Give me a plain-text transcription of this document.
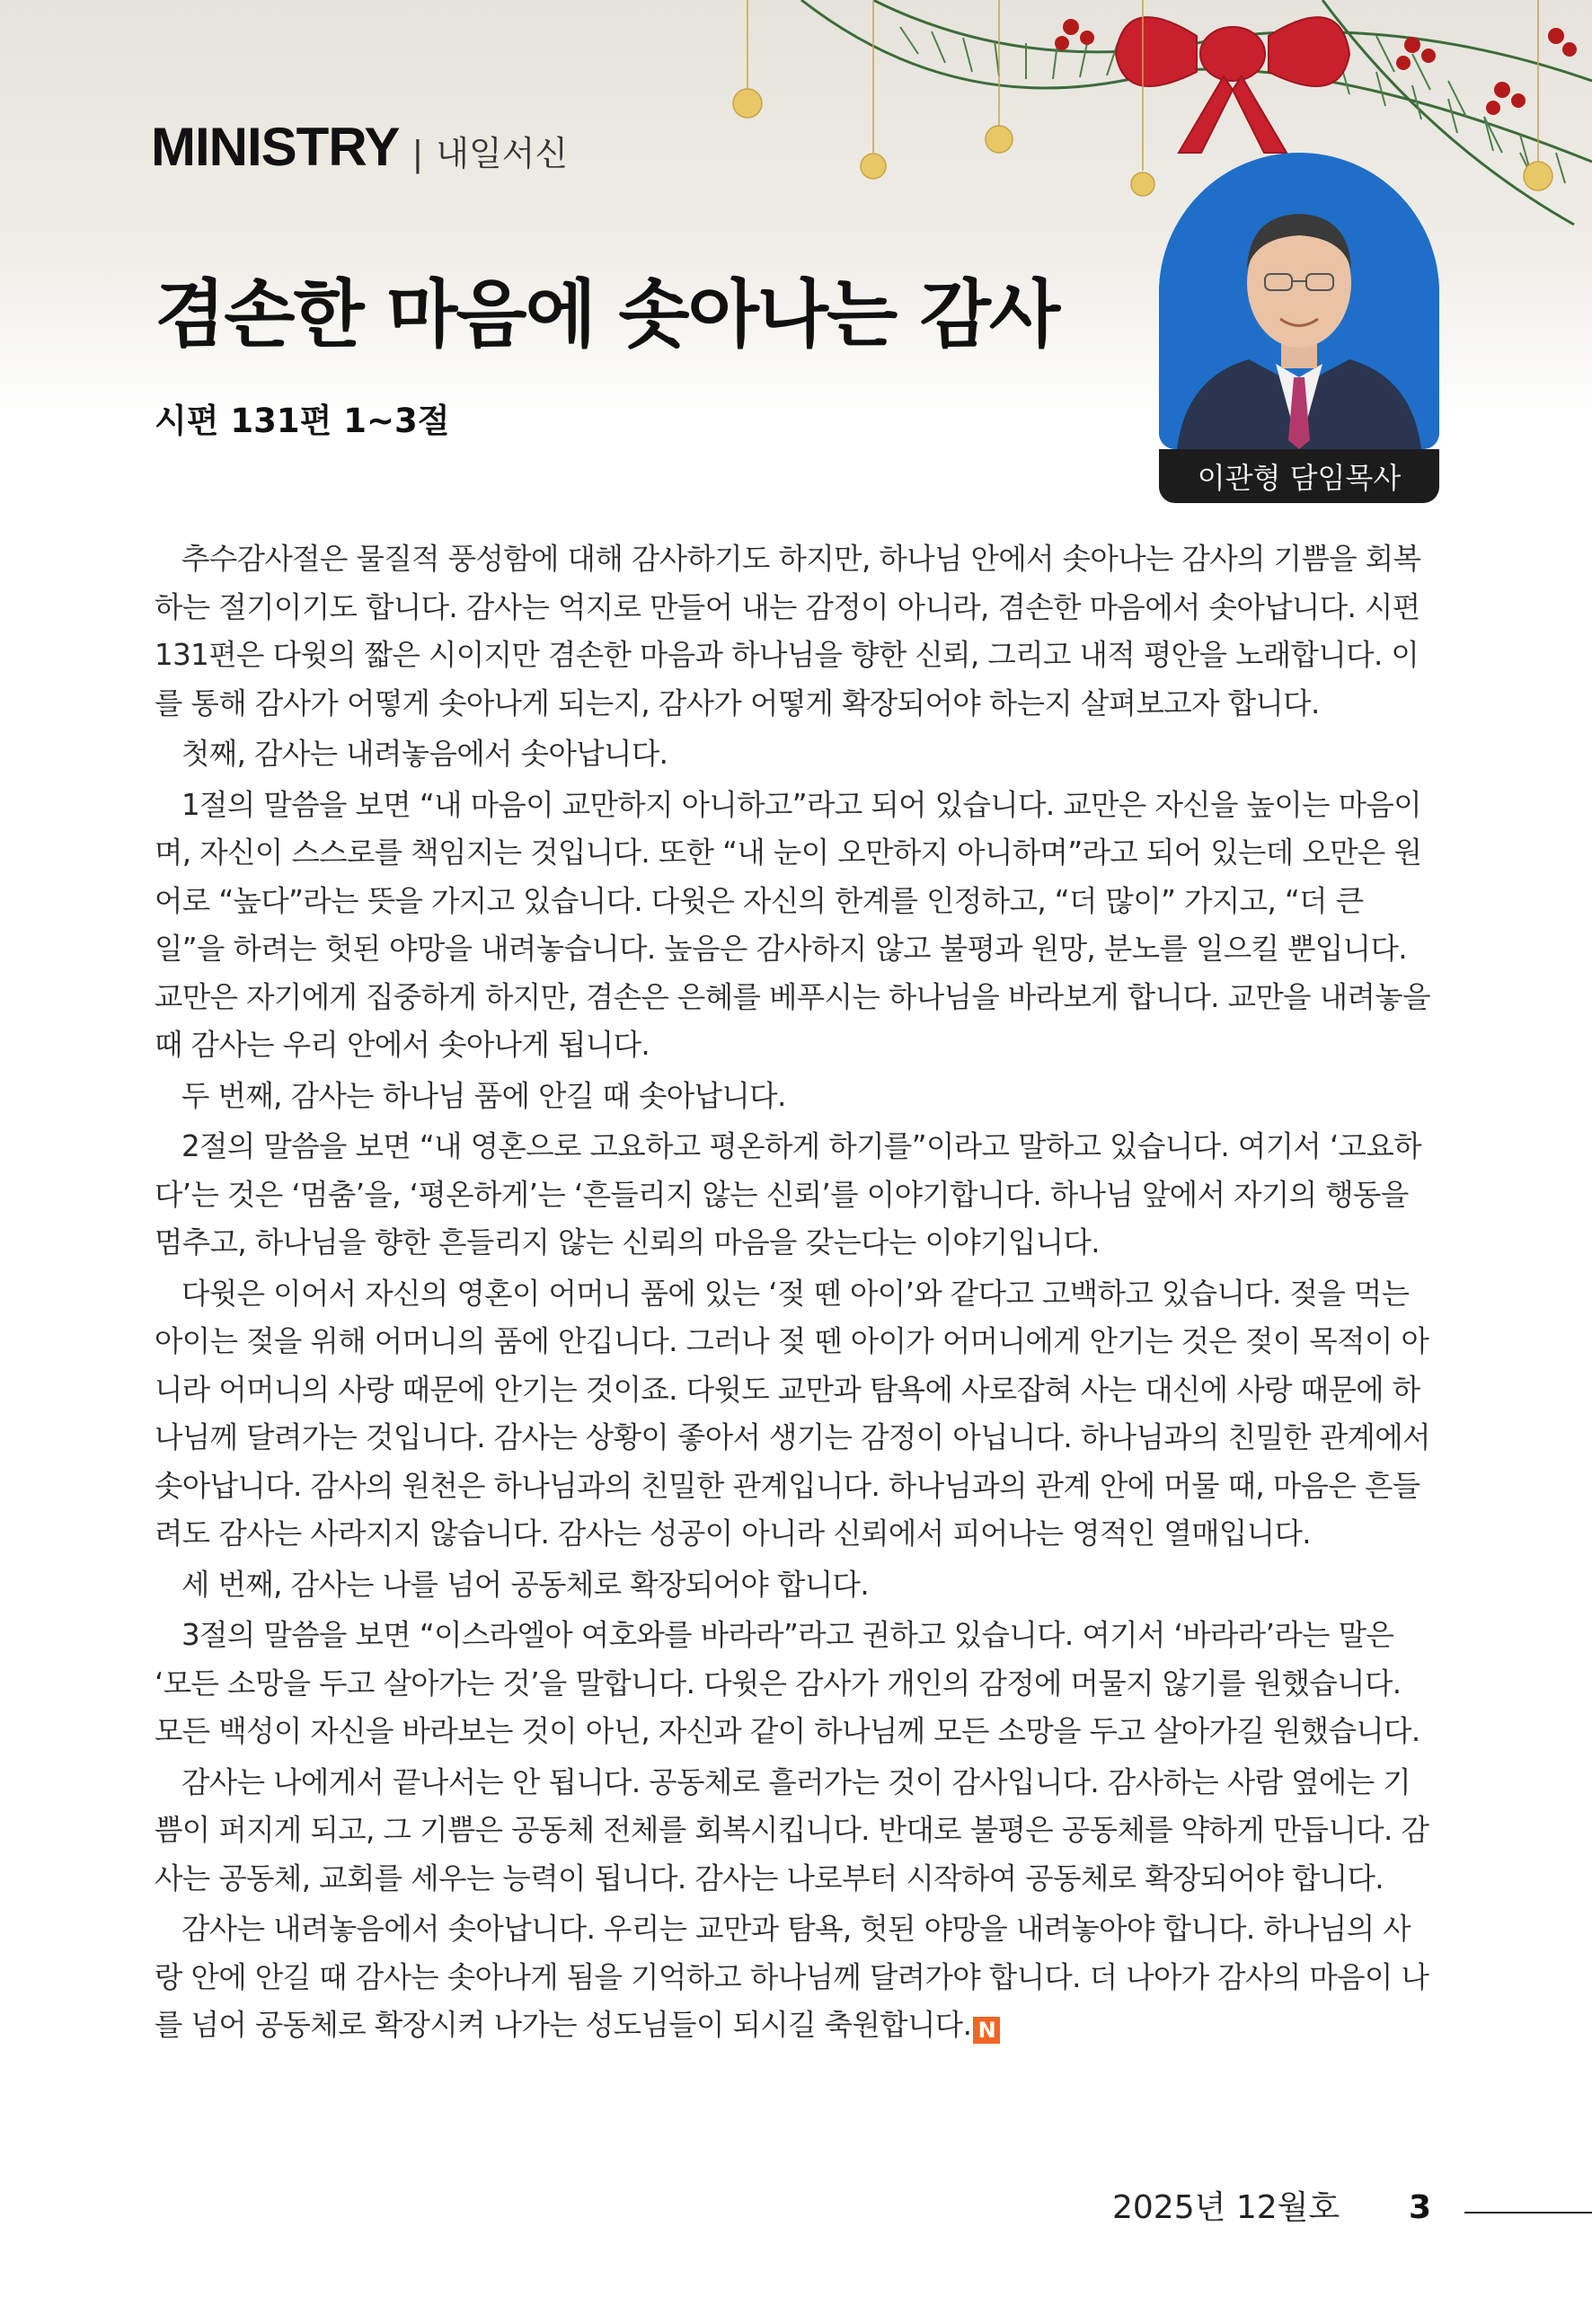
MINISTRY | 내일서신
겸손한 마음에 솟아나는 감사
시편 131편 1~3절
이관형 담임목사

추수감사절은 물질적 풍성함에 대해 감사하기도 하지만, 하나님 안에서 솟아나는 감사의 기쁨을 회복하는 절기이기도 합니다. 감사는 억지로 만들어 내는 감정이 아니라, 겸손한 마음에서 솟아납니다. 시편 131편은 다윗의 짧은 시이지만 겸손한 마음과 하나님을 향한 신뢰, 그리고 내적 평안을 노래합니다. 이를 통해 감사가 어떻게 솟아나게 되는지, 감사가 어떻게 확장되어야 하는지 살펴보고자 합니다.

첫째, 감사는 내려놓음에서 솟아납니다.

1절의 말씀을 보면 “내 마음이 교만하지 아니하고”라고 되어 있습니다. 교만은 자신을 높이는 마음이며, 자신이 스스로를 책임지는 것입니다. 또한 “내 눈이 오만하지 아니하며”라고 되어 있는데 오만은 원어로 “높다”라는 뜻을 가지고 있습니다. 다윗은 자신의 한계를 인정하고, “더 많이” 가지고, “더 큰 일”을 하려는 헛된 야망을 내려놓습니다. 높음은 감사하지 않고 불평과 원망, 분노를 일으킬 뿐입니다. 교만은 자기에게 집중하게 하지만, 겸손은 은혜를 베푸시는 하나님을 바라보게 합니다. 교만을 내려놓을 때 감사는 우리 안에서 솟아나게 됩니다.

두 번째, 감사는 하나님 품에 안길 때 솟아납니다.

2절의 말씀을 보면 “내 영혼으로 고요하고 평온하게 하기를”이라고 말하고 있습니다. 여기서 ‘고요하다’는 것은 ‘멈춤’을, ‘평온하게’는 ‘흔들리지 않는 신뢰’를 이야기합니다. 하나님 앞에서 자기의 행동을 멈추고, 하나님을 향한 흔들리지 않는 신뢰의 마음을 갖는다는 이야기입니다.

다윗은 이어서 자신의 영혼이 어머니 품에 있는 ‘젖 뗀 아이’와 같다고 고백하고 있습니다. 젖을 먹는 아이는 젖을 위해 어머니의 품에 안깁니다. 그러나 젖 뗀 아이가 어머니에게 안기는 것은 젖이 목적이 아니라 어머니의 사랑 때문에 안기는 것이죠. 다윗도 교만과 탐욕에 사로잡혀 사는 대신에 사랑 때문에 하나님께 달려가는 것입니다. 감사는 상황이 좋아서 생기는 감정이 아닙니다. 하나님과의 친밀한 관계에서 솟아납니다. 감사의 원천은 하나님과의 친밀한 관계입니다. 하나님과의 관계 안에 머물 때, 마음은 흔들려도 감사는 사라지지 않습니다. 감사는 성공이 아니라 신뢰에서 피어나는 영적인 열매입니다.

세 번째, 감사는 나를 넘어 공동체로 확장되어야 합니다.

3절의 말씀을 보면 “이스라엘아 여호와를 바라라”라고 권하고 있습니다. 여기서 ‘바라라’라는 말은 ‘모든 소망을 두고 살아가는 것’을 말합니다. 다윗은 감사가 개인의 감정에 머물지 않기를 원했습니다. 모든 백성이 자신을 바라보는 것이 아닌, 자신과 같이 하나님께 모든 소망을 두고 살아가길 원했습니다.

감사는 나에게서 끝나서는 안 됩니다. 공동체로 흘러가는 것이 감사입니다. 감사하는 사람 옆에는 기쁨이 퍼지게 되고, 그 기쁨은 공동체 전체를 회복시킵니다. 반대로 불평은 공동체를 약하게 만듭니다. 감사는 공동체, 교회를 세우는 능력이 됩니다. 감사는 나로부터 시작하여 공동체로 확장되어야 합니다.

감사는 내려놓음에서 솟아납니다. 우리는 교만과 탐욕, 헛된 야망을 내려놓아야 합니다. 하나님의 사랑 안에 안길 때 감사는 솟아나게 됨을 기억하고 하나님께 달려가야 합니다. 더 나아가 감사의 마음이 나를 넘어 공동체로 확장시켜 나가는 성도님들이 되시길 축원합니다. N

2025년 12월호 3
